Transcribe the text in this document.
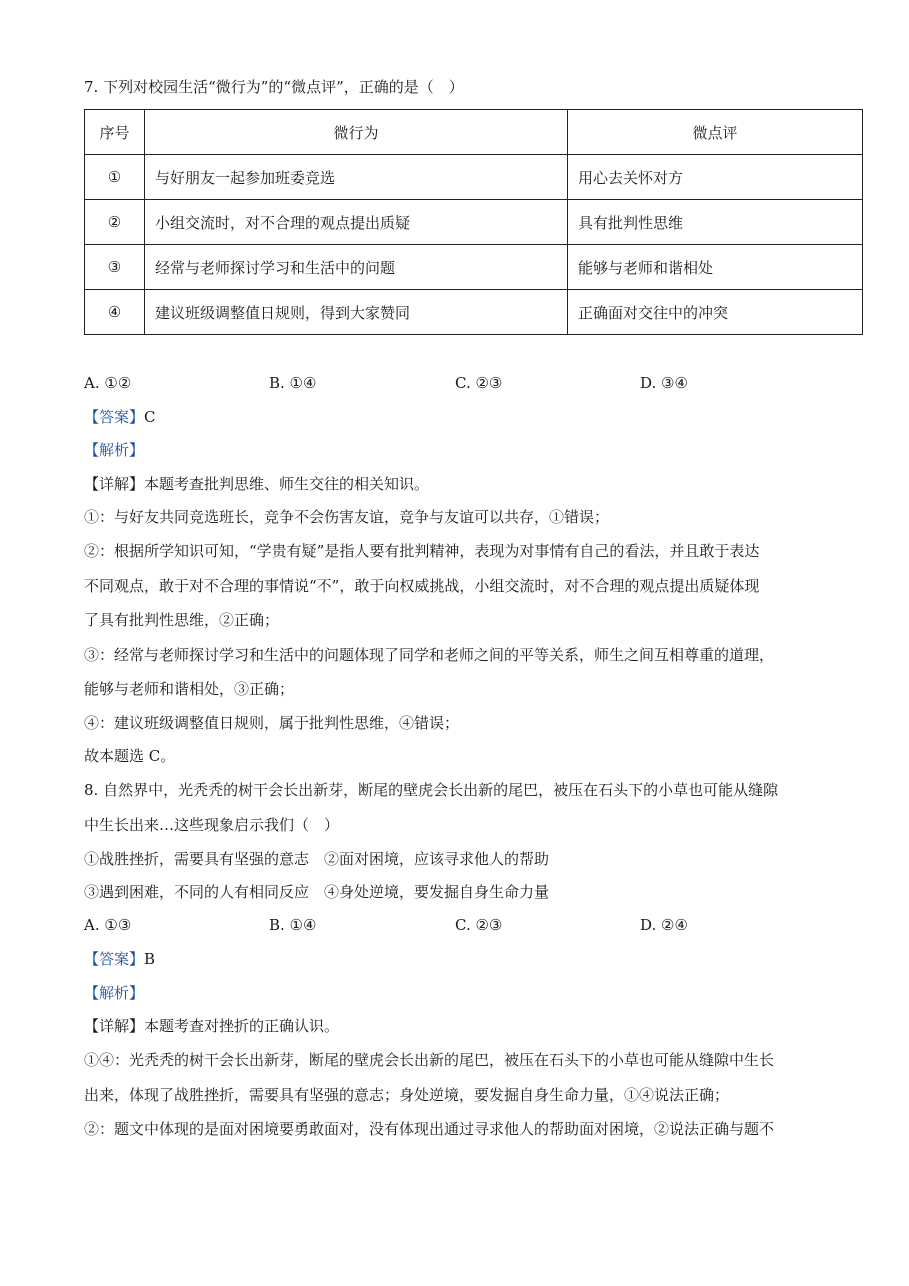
7. 下列对校园生活“微行为”的“微点评”，正确的是（　）
序号	微行为	微点评
①	与好朋友一起参加班委竞选	用心去关怀对方
②	小组交流时，对不合理的观点提出质疑	具有批判性思维
③	经常与老师探讨学习和生活中的问题	能够与老师和谐相处
④	建议班级调整值日规则，得到大家赞同	正确面对交往中的冲突
A. ①②	B. ①④	C. ②③	D. ③④
【答案】C
【解析】
【详解】本题考查批判思维、师生交往的相关知识。
①：与好友共同竞选班长，竞争不会伤害友谊，竞争与友谊可以共存，①错误；
②：根据所学知识可知，“学贵有疑”是指人要有批判精神，表现为对事情有自己的看法，并且敢于表达
不同观点，敢于对不合理的事情说“不”，敢于向权威挑战，小组交流时，对不合理的观点提出质疑体现
了具有批判性思维，②正确；
③：经常与老师探讨学习和生活中的问题体现了同学和老师之间的平等关系，师生之间互相尊重的道理，
能够与老师和谐相处，③正确；
④：建议班级调整值日规则，属于批判性思维，④错误；
故本题选 C。
8. 自然界中，光秃秃的树干会长出新芽，断尾的壁虎会长出新的尾巴，被压在石头下的小草也可能从缝隙
中生长出来…这些现象启示我们（　）
①战胜挫折，需要具有坚强的意志　②面对困境，应该寻求他人的帮助
③遇到困难，不同的人有相同反应　④身处逆境，要发掘自身生命力量
A. ①③	B. ①④	C. ②③	D. ②④
【答案】B
【解析】
【详解】本题考查对挫折的正确认识。
①④：光秃秃的树干会长出新芽，断尾的壁虎会长出新的尾巴，被压在石头下的小草也可能从缝隙中生长
出来，体现了战胜挫折，需要具有坚强的意志；身处逆境，要发掘自身生命力量，①④说法正确；
②：题文中体现的是面对困境要勇敢面对，没有体现出通过寻求他人的帮助面对困境，②说法正确与题不
